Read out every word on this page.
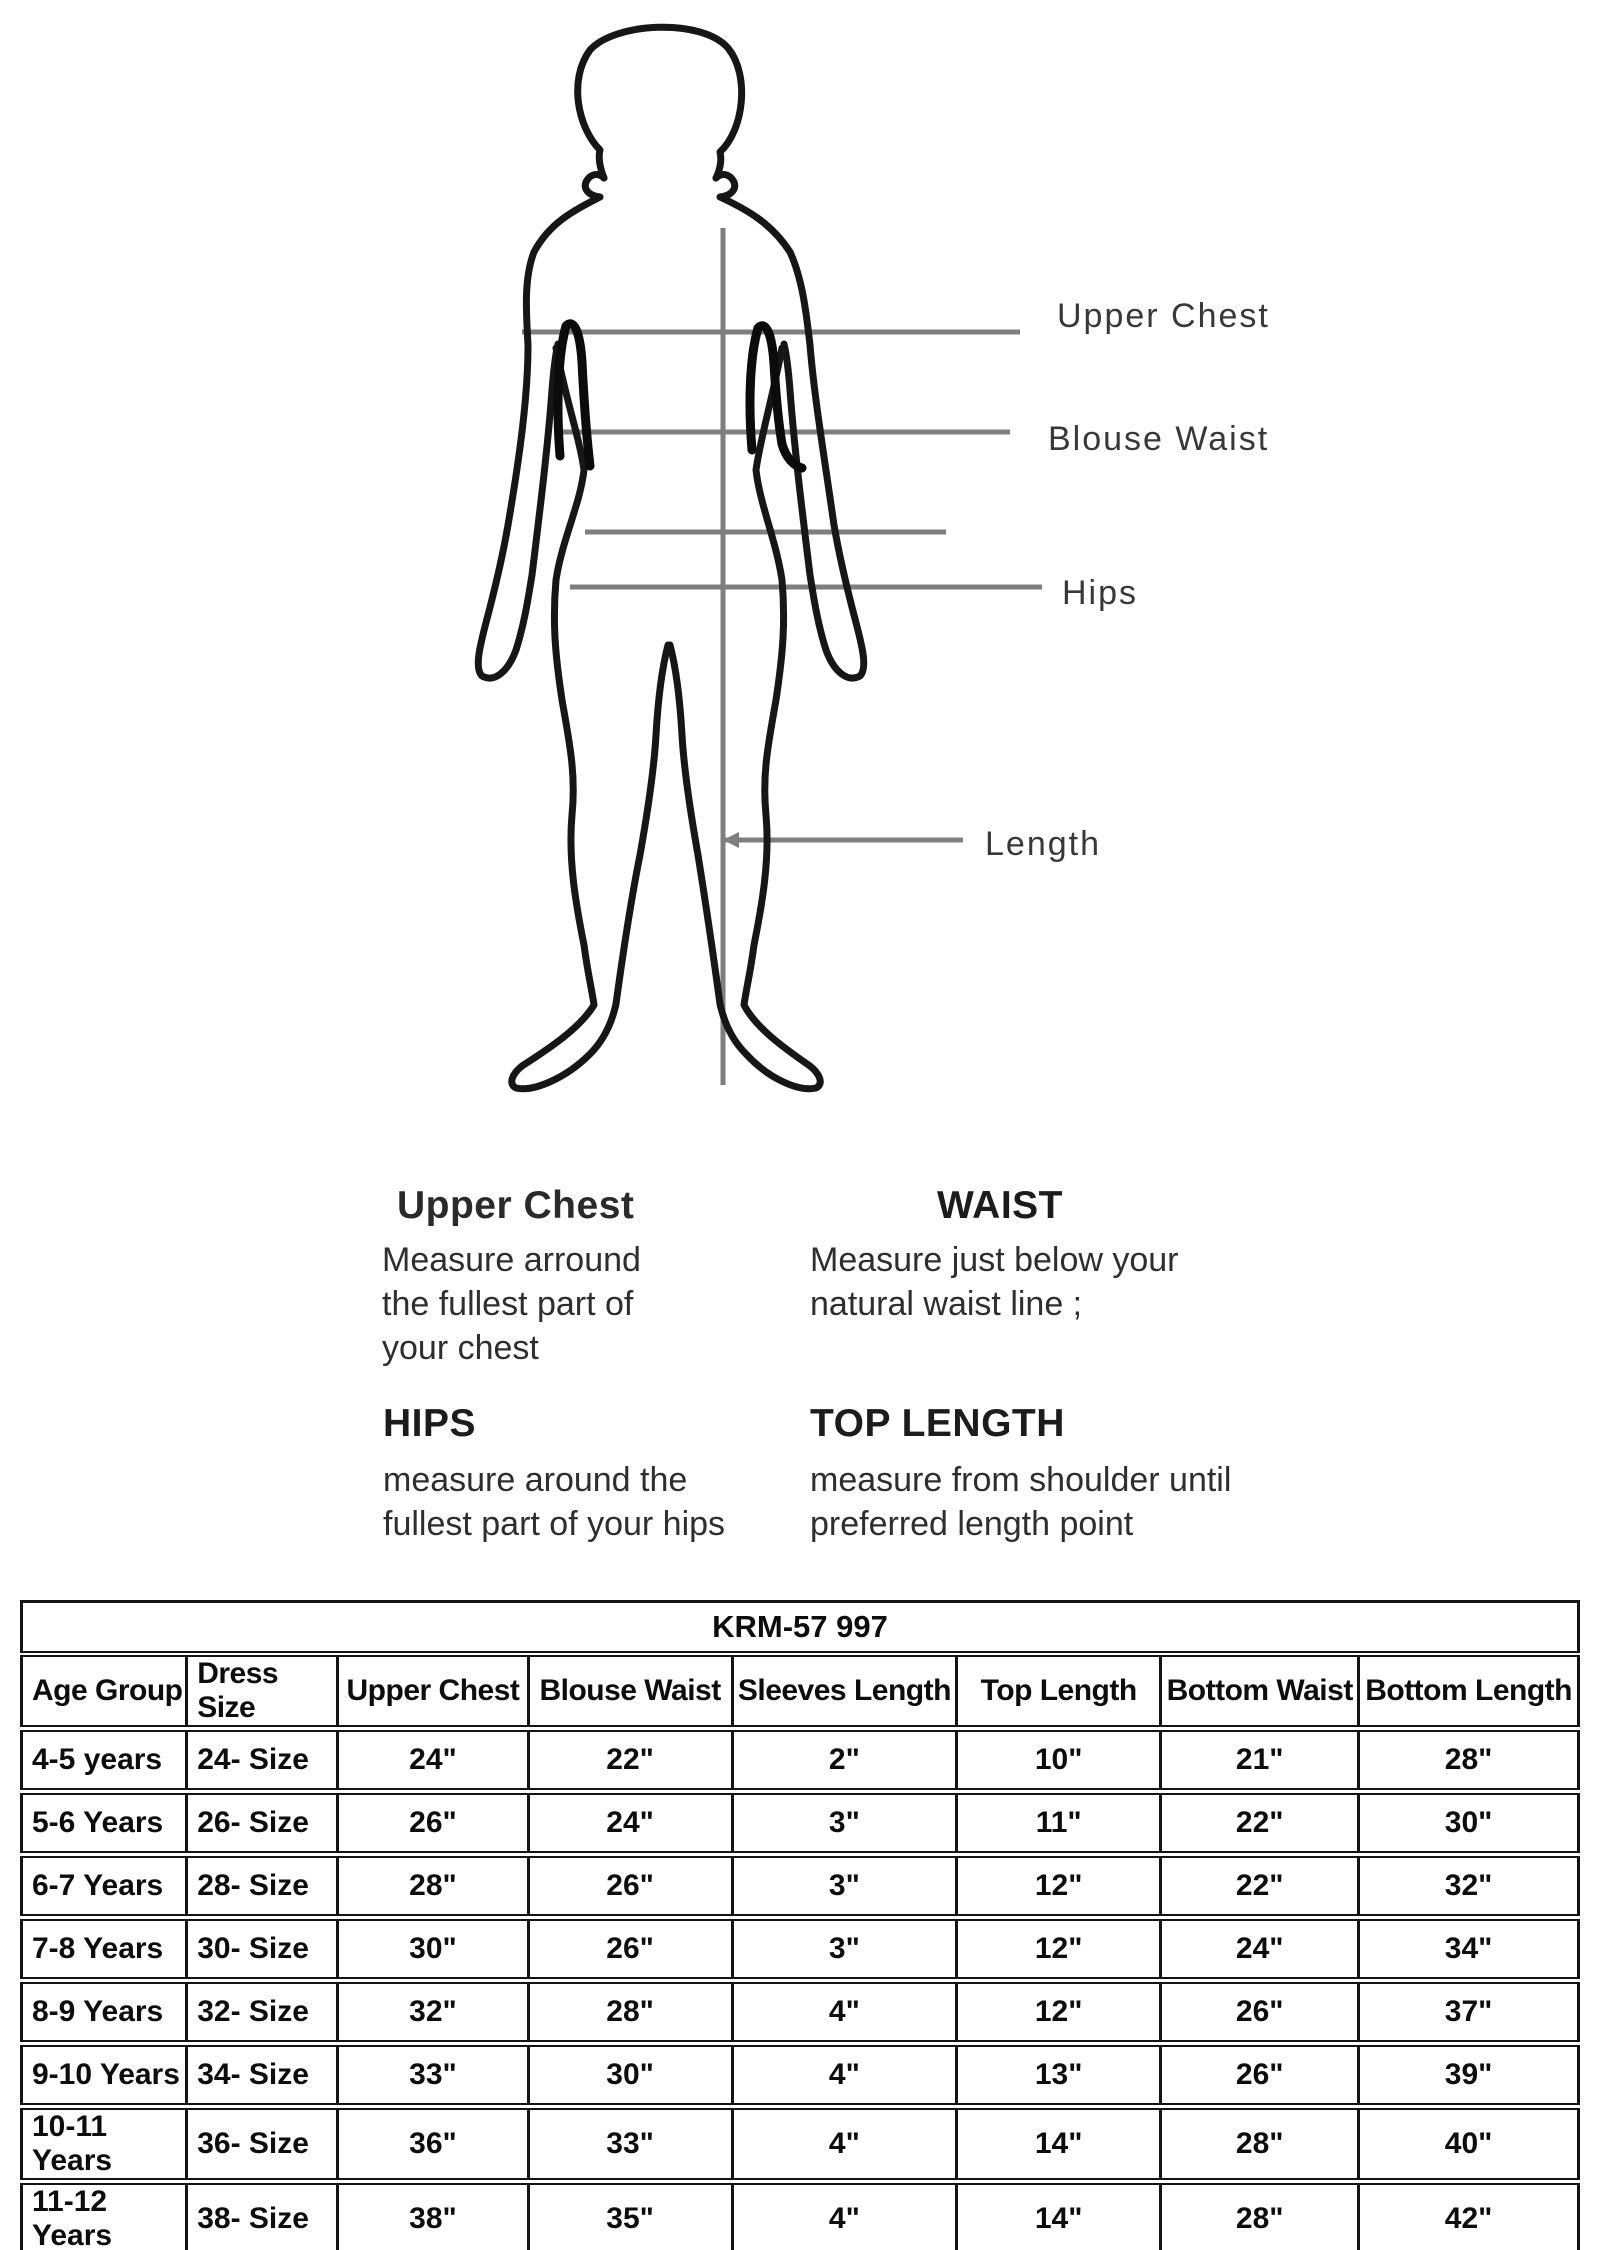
Upper Chest
Blouse Waist
Hips
Length
Upper Chest
Measure arround
the fullest part of
your chest
WAIST
Measure just below your
natural waist line ;
HIPS
measure around the
fullest part of your hips
TOP LENGTH
measure from shoulder until
preferred length point
KRM-57 997							
Age Group	Dress Size	Upper Chest	Blouse Waist	Sleeves Length	Top Length	Bottom Waist	Bottom Length
4-5 years	24- Size	24"	22"	2"	10"	21"	28"
5-6 Years	26- Size	26"	24"	3"	11"	22"	30"
6-7 Years	28- Size	28"	26"	3"	12"	22"	32"
7-8 Years	30- Size	30"	26"	3"	12"	24"	34"
8-9 Years	32- Size	32"	28"	4"	12"	26"	37"
9-10 Years	34- Size	33"	30"	4"	13"	26"	39"
10-11 Years	36- Size	36"	33"	4"	14"	28"	40"
11-12 Years	38- Size	38"	35"	4"	14"	28"	42"
